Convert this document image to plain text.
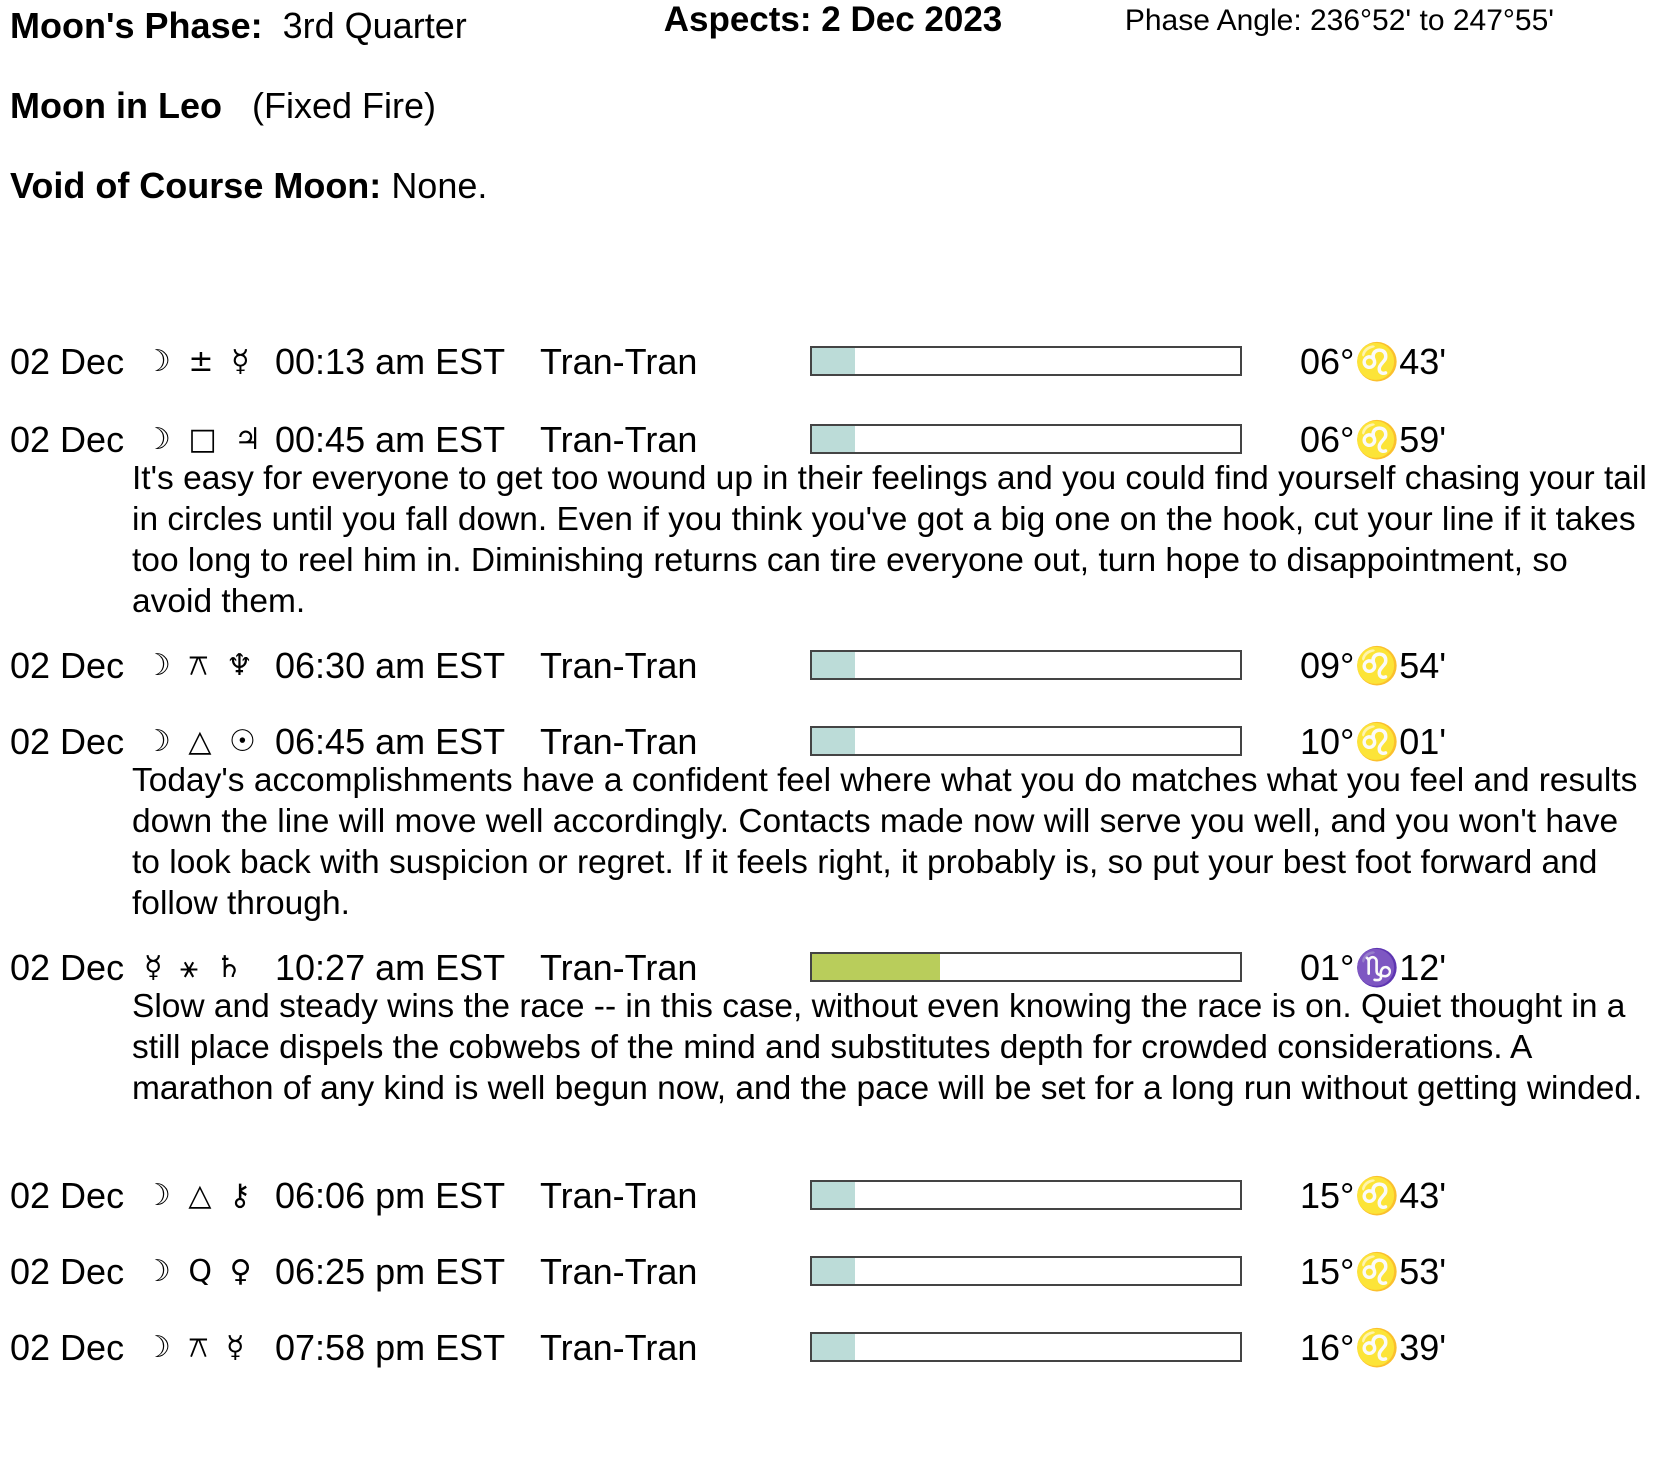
Moon's Phase: 3rd Quarter	Phase Angle: 236°52' to 247°55'
Moon in Leo (Fixed Fire)
Void of Course Moon: None.
Aspects: 2 Dec 2023
02 Dec ☽ ± ☿ 00:13 am EST Tran-Tran	06°♌43'
02 Dec ☽ □ ♃ 00:45 am EST Tran-Tran	06°♌59'
It's easy for everyone to get too wound up in their feelings and you could find yourself chasing your tail in circles until you fall down. Even if you think you've got a big one on the hook, cut your line if it takes too long to reel him in. Diminishing returns can tire everyone out, turn hope to disappointment, so avoid them.
02 Dec ☽ ⚻ ♆ 06:30 am EST Tran-Tran	09°♌54'
02 Dec ☽ △ ☉ 06:45 am EST Tran-Tran	10°♌01'
Today's accomplishments have a confident feel where what you do matches what you feel and results down the line will move well accordingly. Contacts made now will serve you well, and you won't have to look back with suspicion or regret. If it feels right, it probably is, so put your best foot forward and follow through.
02 Dec ☿ ⚹ ♄ 10:27 am EST Tran-Tran	01°♑12'
Slow and steady wins the race -- in this case, without even knowing the race is on. Quiet thought in a still place dispels the cobwebs of the mind and substitutes depth for crowded considerations. A marathon of any kind is well begun now, and the pace will be set for a long run without getting winded.
02 Dec ☽ △ ⚷ 06:06 pm EST Tran-Tran	15°♌43'
02 Dec ☽ Q ♀ 06:25 pm EST Tran-Tran	15°♌53'
02 Dec ☽ ⚻ ☿ 07:58 pm EST Tran-Tran	16°♌39'
